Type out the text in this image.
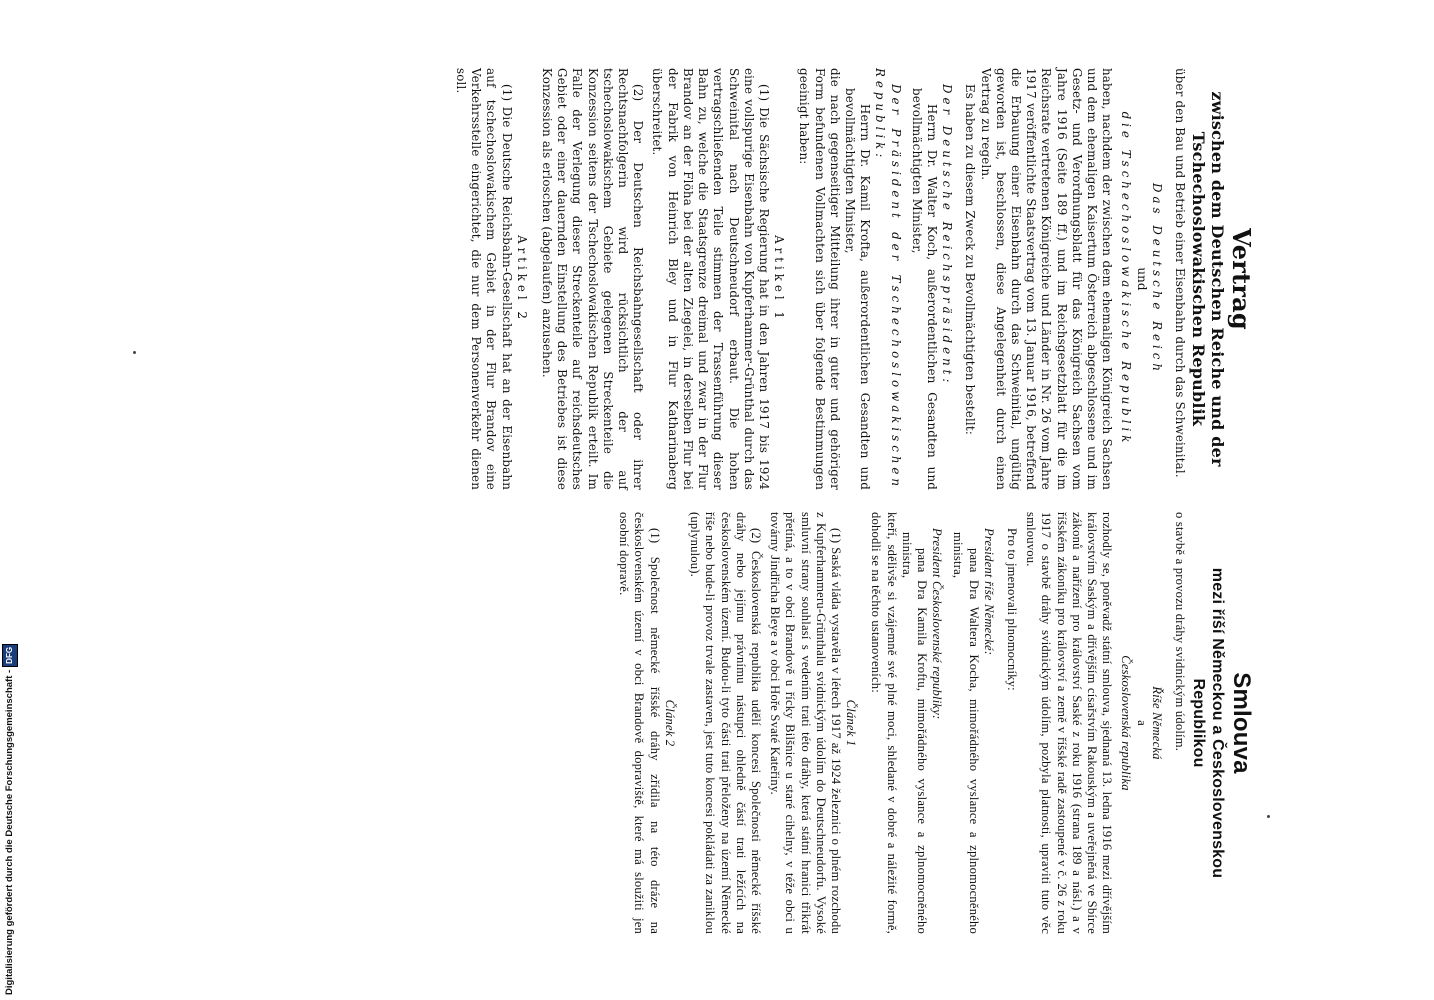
Vertrag
zwischen dem Deutschen Reiche und der
Tschechoslowakischen Republik
über den Bau und Betrieb einer Eisenbahn durch das Schweinital.
Das Deutsche Reich
und
die Tschechoslowakische Republik
haben, nachdem der zwischen dem ehemaligen Königreich Sachsen und dem ehemaligen Kaisertum Österreich abgeschlossene und im Gesetz- und Verordnungsblatt für das Königreich Sachsen vom Jahre 1916 (Seite 189 ff.) und im Reichsgesetzblatt für die im Reichsrate vertretenen Königreiche und Länder in Nr. 26 vom Jahre 1917 veröffentlichte Staatsvertrag vom 13. Januar 1916, betreffend die Erbauung einer Eisenbahn durch das Schweinital, ungültig geworden ist, beschlossen, diese Angelegenheit durch einen Vertrag zu regeln.
Es haben zu diesem Zweck zu Bevollmächtigten bestellt:
Der Deutsche Reichspräsident:
Herrn Dr. Walter Koch, außerordentlichen Gesandten und bevollmächtigten Minister,
Der Präsident der Tschechoslowakischen Republik:
Herrn Dr. Kamil Krofta, außerordentlichen Gesandten und bevollmächtigten Minister,
die nach gegenseitiger Mitteilung ihrer in guter und gehöriger Form befundenen Vollmachten sich über folgende Bestimmungen geeinigt haben:
Artikel 1
(1) Die Sächsische Regierung hat in den Jahren 1917 bis 1924 eine vollspurige Eisenbahn von Kupferhammer-Grünthal durch das Schweinital nach Deutschneudorf erbaut. Die hohen vertragschließenden Teile stimmen der Trassenführung dieser Bahn zu, welche die Staatsgrenze dreimal und zwar in der Flur Brandov an der Flöha bei der alten Ziegelei, in derselben Flur bei der Fabrik von Heinrich Bley und in Flur Katharinaberg überschreitet.
(2) Der Deutschen Reichsbahngesellschaft oder ihrer Rechtsnachfolgerin wird rücksichtlich der auf tschechoslowakischem Gebiete gelegenen Streckenteile die Konzession seitens der Tschechoslowakischen Republik erteilt. Im Falle der Verlegung dieser Streckenteile auf reichsdeutsches Gebiet oder einer dauernden Einstellung des Betriebes ist diese Konzession als erloschen (abgelaufen) anzusehen.
Artikel 2
(1) Die Deutsche Reichsbahn-Gesellschaft hat an der Eisenbahn auf tschechoslowakischem Gebiet in der Flur Brandov eine Verkehrsstelle eingerichtet, die nur dem Personenverkehr dienen soll.
Smlouva
mezi říší Německou a Československou
Republikou
o stavbě a provozu dráhy svidnickým údolím.
Říše Německá
a
Československá republika
rozhodly se, poněvadž státní smlouva, sjednaná 13. ledna 1916 mezi dřívějším královstvím Saským a dřívějším císařstvím Rakouským a uveřejněná ve Sbírce zákonů a nařízení pro království Saské z roku 1916 (strana 189 a násl.) a v říšském zákoníku pro království a země v říšské radě zastoupené v č. 26 z roku 1917 o stavbě dráhy svidnickým údolím, pozbyla platnosti, upraviti tuto věc smlouvou.
Pro to jmenovali plnomocníky:
President říše Německé:
pana Dra Waltera Kocha, mimořádného vyslance a zplnomocněného ministra,
President Československé republiky:
pana Dra Kamila Kroftu, mimořádného vyslance a zplnomocněného ministra,
kteří, sdělivše si vzájemně své plné moci, shledané v dobré a náležité formě, dohodli se na těchto ustanoveních:
Článek 1
(1) Saská vláda vystavěla v létech 1917 až 1924 železnici o plném rozchodu z Kupferhammeru-Grünthalu svidnickým údolím do Deutschneudorfu. Vysoké smluvní strany souhlasí s vedením trati této dráhy, která státní hranici třikrát přetíná, a to v obci Brandově u řícky Bilšnice u staré cihelny, v téže obci u továrny Jindřicha Bleye a v obci Hoře Svaté Kateřiny.
(2) Československá republika udělí koncesi Společnosti německé říšské dráhy nebo jejímu právnímu nástupci ohledně částí trati ležících na československém území. Budou-li tyto části trati přeloženy na území Německé říše nebo bude-li provoz trvale zastaven, jest tuto koncesi pokládati za zaniklou (uplynulou).
Článek 2
(1) Společnost německé říšské dráhy zřídila na této dráze na československém území v obci Brandově dopraviště, které má sloužiti jen osobní dopravě.
Digitalisierung gefördert durch die Deutsche Forschungsgemeinschaft -DFG
